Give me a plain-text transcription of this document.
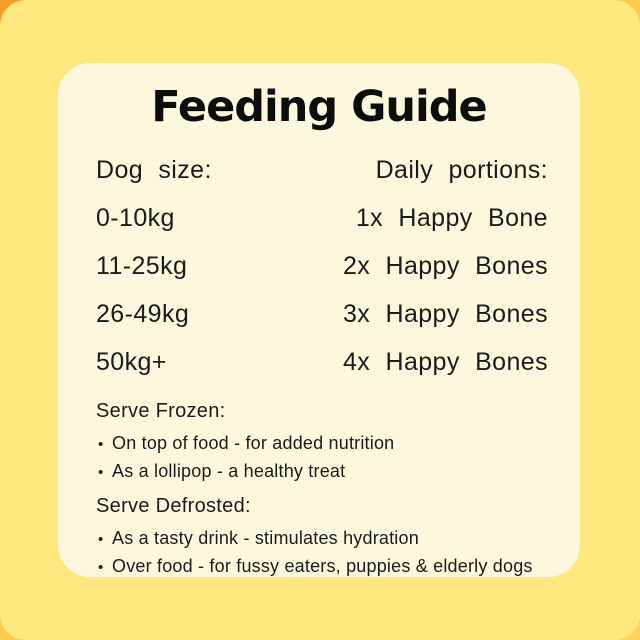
Feeding Guide
Dog size:	Daily portions:
0-10kg	1x Happy Bone
11-25kg	2x Happy Bones
26-49kg	3x Happy Bones
50kg+	4x Happy Bones
Serve Frozen:
• On top of food - for added nutrition
• As a lollipop - a healthy treat
Serve Defrosted:
• As a tasty drink - stimulates hydration
• Over food - for fussy eaters, puppies & elderly dogs
